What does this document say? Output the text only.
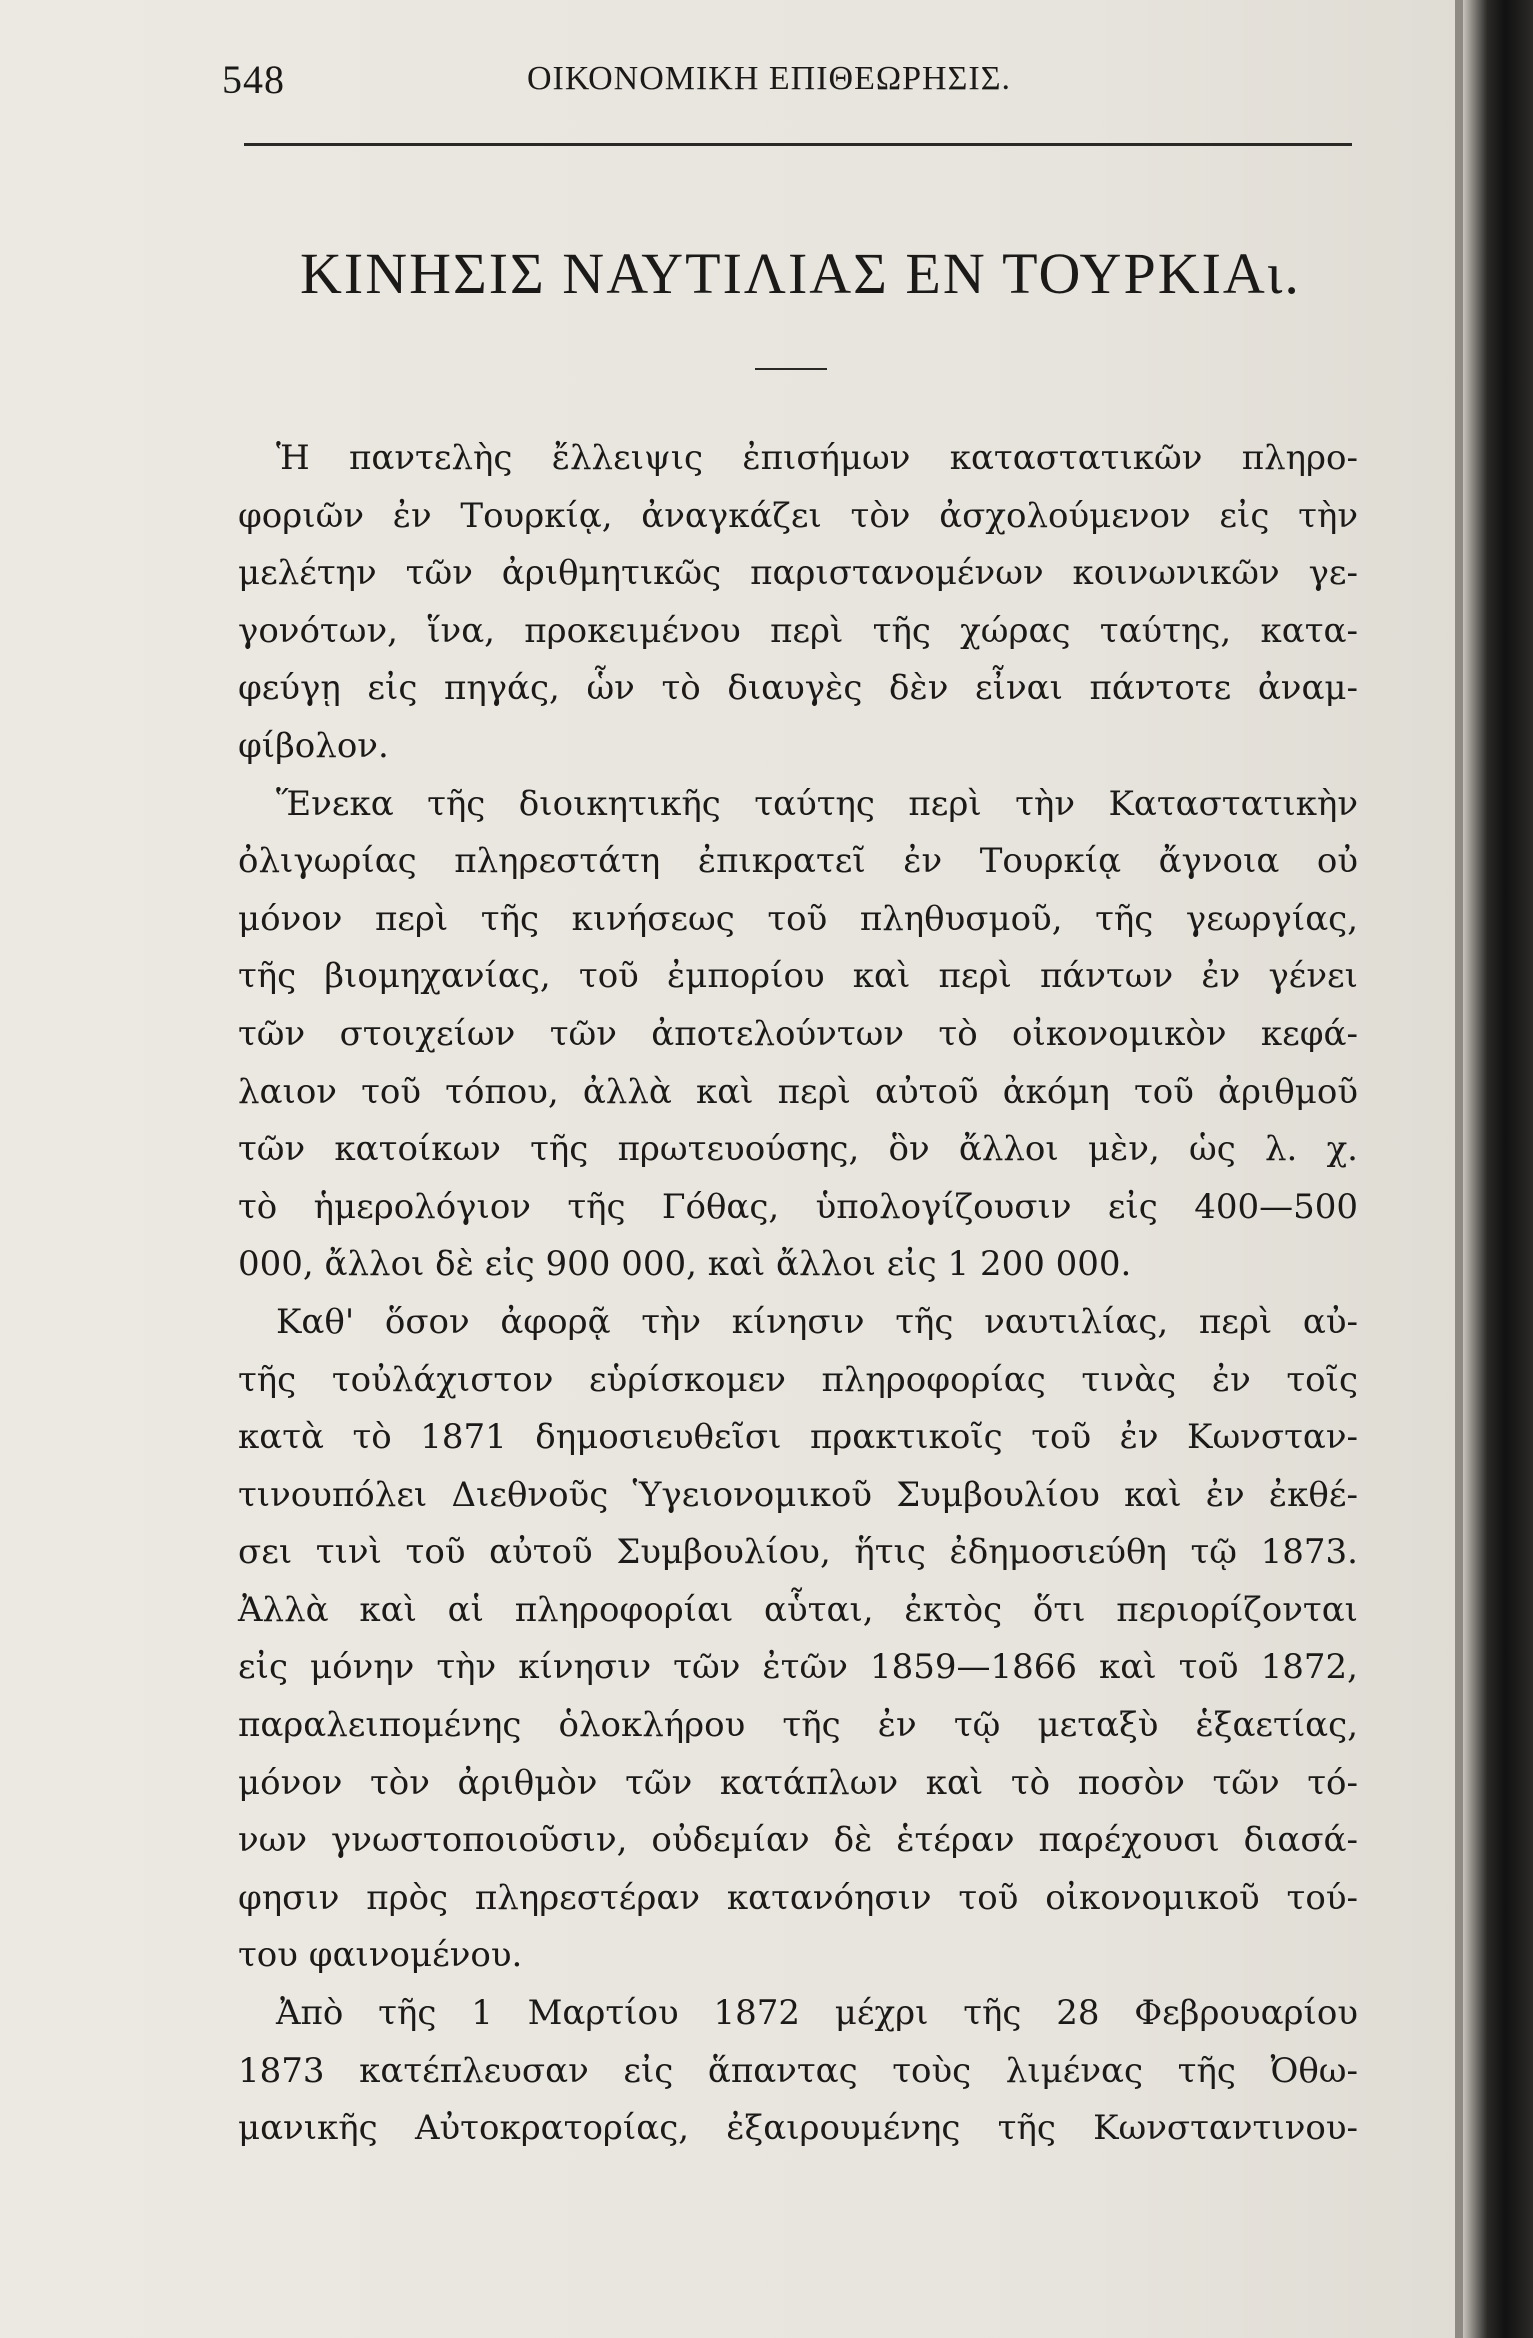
548	ΟΙΚΟΝΟΜΙΚΗ ΕΠΙΘΕΩΡΗΣΙΣ.
ΚΙΝΗΣΙΣ ΝΑΥΤΙΛΙΑΣ ΕΝ ΤΟΥΡΚΙΑι.
Ἡ παντελὴς ἔλλειψις ἐπισήμων καταστατικῶν πληρο-
φοριῶν ἐν Τουρκίᾳ, ἀναγκάζει τὸν ἀσχολούμενον εἰς τὴν
μελέτην τῶν ἀριθμητικῶς παριστανομένων κοινωνικῶν γε-
γονότων, ἵνα, προκειμένου περὶ τῆς χώρας ταύτης, κατα-
φεύγῃ εἰς πηγάς, ὧν τὸ διαυγὲς δὲν εἶναι πάντοτε ἀναμ-
φίβολον.
Ἕνεκα τῆς διοικητικῆς ταύτης περὶ τὴν Καταστατικὴν
ὀλιγωρίας πληρεστάτη ἐπικρατεῖ ἐν Τουρκίᾳ ἄγνοια οὐ
μόνον περὶ τῆς κινήσεως τοῦ πληθυσμοῦ, τῆς γεωργίας,
τῆς βιομηχανίας, τοῦ ἐμπορίου καὶ περὶ πάντων ἐν γένει
τῶν στοιχείων τῶν ἀποτελούντων τὸ οἰκονομικὸν κεφά-
λαιον τοῦ τόπου, ἀλλὰ καὶ περὶ αὐτοῦ ἀκόμη τοῦ ἀριθμοῦ
τῶν κατοίκων τῆς πρωτευούσης, ὃν ἄλλοι μὲν, ὡς λ. χ.
τὸ ἡμερολόγιον τῆς Γόθας, ὑπολογίζουσιν εἰς 400—500
000, ἄλλοι δὲ εἰς 900 000, καὶ ἄλλοι εἰς 1 200 000.
Καθ' ὅσον ἀφορᾷ τὴν κίνησιν τῆς ναυτιλίας, περὶ αὐ-
τῆς τοὐλάχιστον εὑρίσκομεν πληροφορίας τινὰς ἐν τοῖς
κατὰ τὸ 1871 δημοσιευθεῖσι πρακτικοῖς τοῦ ἐν Κωνσταν-
τινουπόλει Διεθνοῦς Ὑγειονομικοῦ Συμβουλίου καὶ ἐν ἐκθέ-
σει τινὶ τοῦ αὐτοῦ Συμβουλίου, ἥτις ἐδημοσιεύθη τῷ 1873.
Ἀλλὰ καὶ αἱ πληροφορίαι αὗται, ἐκτὸς ὅτι περιορίζονται
εἰς μόνην τὴν κίνησιν τῶν ἐτῶν 1859—1866 καὶ τοῦ 1872,
παραλειπομένης ὁλοκλήρου τῆς ἐν τῷ μεταξὺ ἑξαετίας,
μόνον τὸν ἀριθμὸν τῶν κατάπλων καὶ τὸ ποσὸν τῶν τό-
νων γνωστοποιοῦσιν, οὐδεμίαν δὲ ἑτέραν παρέχουσι διασά-
φησιν πρὸς πληρεστέραν κατανόησιν τοῦ οἰκονομικοῦ τού-
του φαινομένου.
Ἀπὸ τῆς 1 Μαρτίου 1872 μέχρι τῆς 28 Φεβρουαρίου
1873 κατέπλευσαν εἰς ἅπαντας τοὺς λιμένας τῆς Ὀθω-
μανικῆς Αὐτοκρατορίας, ἐξαιρουμένης τῆς Κωνσταντινου-
